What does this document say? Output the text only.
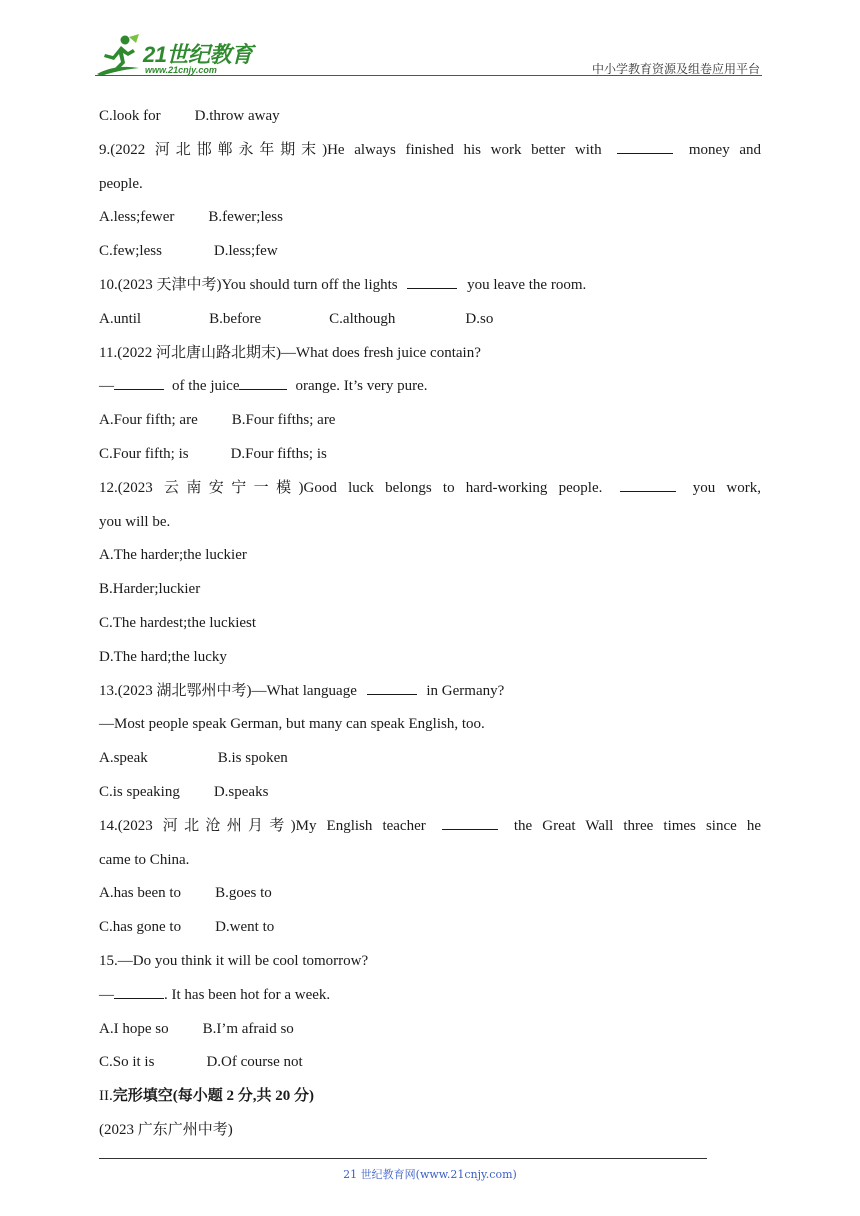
21世纪教育
www.21cnjy.com	中小学教育资源及组卷应用平台
C.look for D.throw away
9.(2022 河北邯郸永年期末)He always finished his work better with	money and
people.
A.less;fewer B.fewer;less
C.few;less	D.less;few
10.(2023 天津中考)You should turn off the lights	you leave the room.
A.until	B.before	C.although	D.so
11.(2022 河北唐山路北期末)—What does fresh juice contain?
—	of the juice	orange. It’s very pure.
A.Four fifth; are B.Four fifths; are
C.Four fifth; is	D.Four fifths; is
12.(2023 云南安宁一模)Good luck belongs to hard-working people.	you work,
you will be.
A.The harder;the luckier
B.Harder;luckier
C.The hardest;the luckiest
D.The hard;the lucky
13.(2023 湖北鄂州中考)—What language	in Germany?
—Most people speak German, but many can speak English, too.
A.speak	B.is spoken
C.is speaking D.speaks
14.(2023 河北沧州月考)My English teacher	the Great Wall three times since he
came to China.
A.has been to B.goes to
C.has gone to D.went to
15.—Do you think it will be cool tomorrow?
—	. It has been hot for a week.
A.I hope so B.I’m afraid so
C.So it is	D.Of course not
II.完形填空(每小题 2 分,共 20 分)
(2023 广东广州中考)
21 世纪教育网(www.21cnjy.com)
